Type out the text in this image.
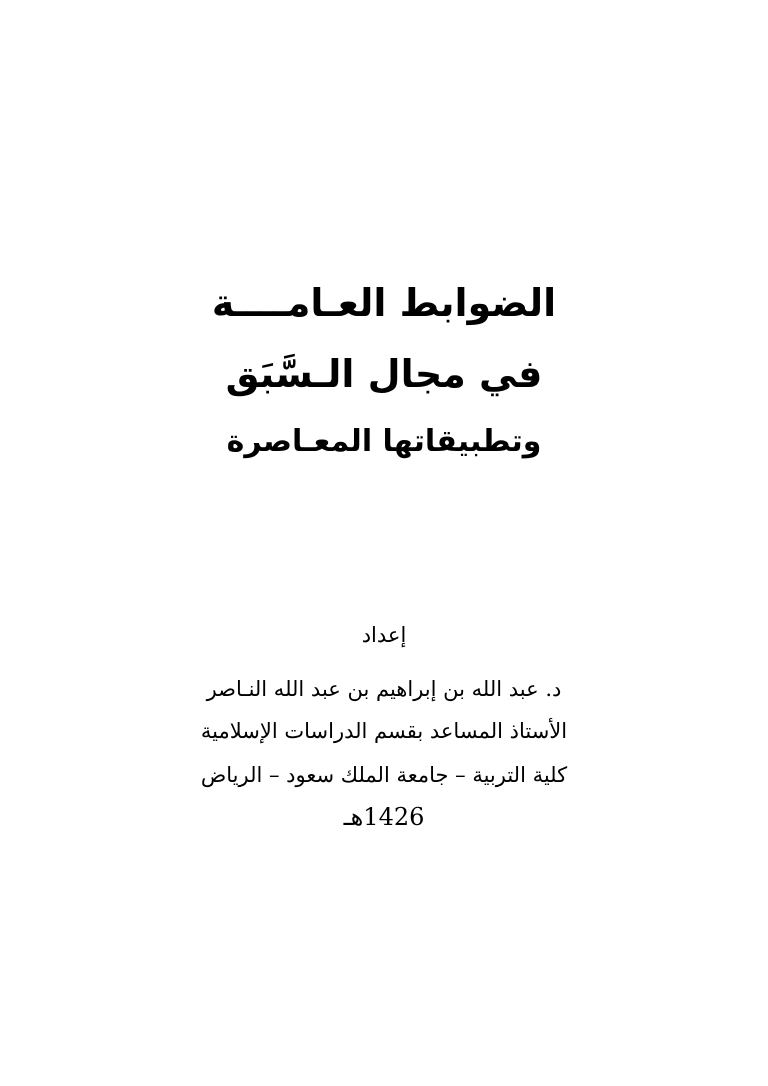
الضوابط العـامــــة
في مجال الـسَّبَق
وتطبيقاتها المعـاصرة
إعداد
د. عبد الله بن إبراهيم بن عبد الله النـاصر
الأستاذ المساعد بقسم الدراسات الإسلامية
كلية التربية – جامعة الملك سعود – الرياض
1426هـ
